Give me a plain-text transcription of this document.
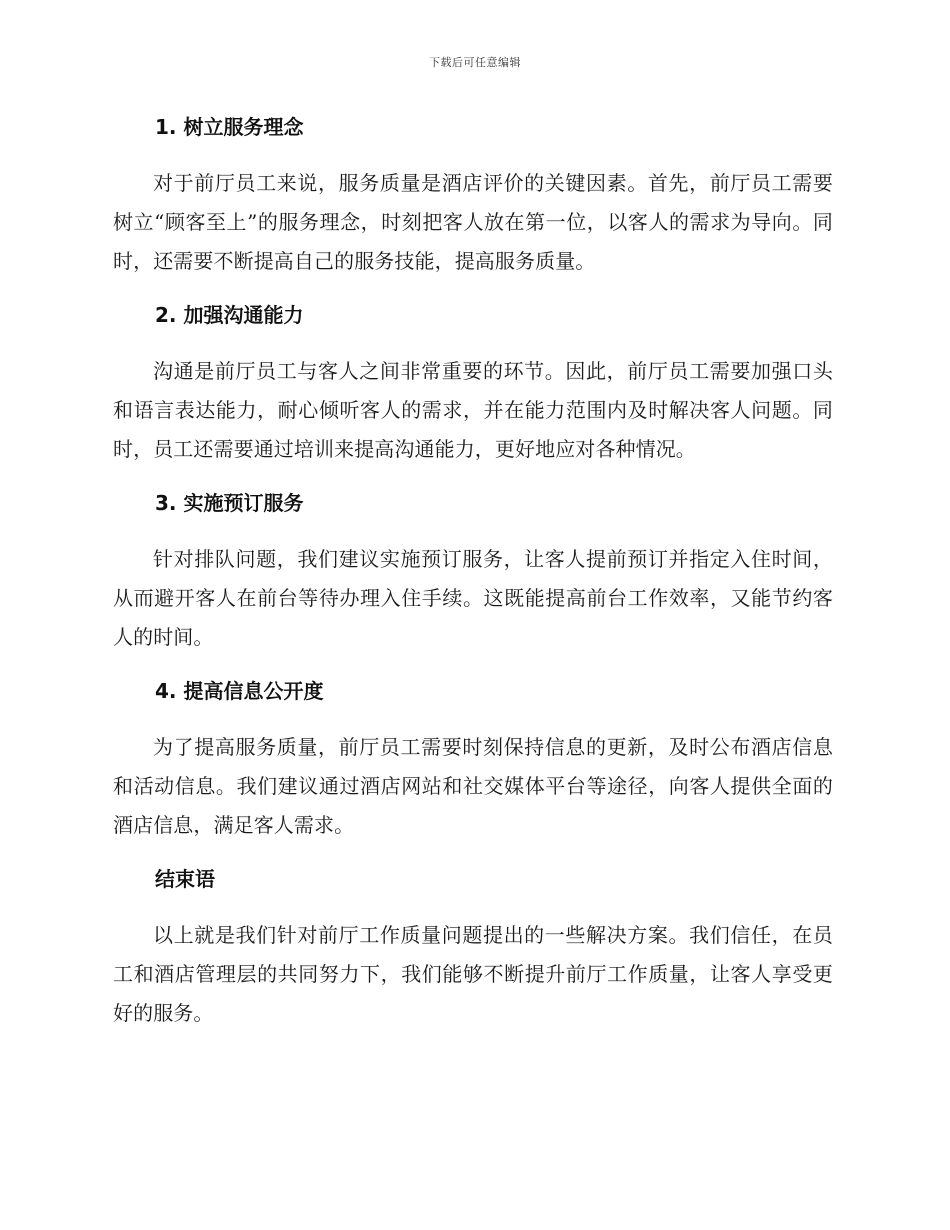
下载后可任意编辑
1. 树立服务理念

对于前厅员工来说，服务质量是酒店评价的关键因素。首先，前厅员工需要树立“顾客至上”的服务理念，时刻把客人放在第一位，以客人的需求为导向。同时，还需要不断提高自己的服务技能，提高服务质量。

2. 加强沟通能力

沟通是前厅员工与客人之间非常重要的环节。因此，前厅员工需要加强口头和语言表达能力，耐心倾听客人的需求，并在能力范围内及时解决客人问题。同时，员工还需要通过培训来提高沟通能力，更好地应对各种情况。

3. 实施预订服务

针对排队问题，我们建议实施预订服务，让客人提前预订并指定入住时间，从而避开客人在前台等待办理入住手续。这既能提高前台工作效率，又能节约客人的时间。

4. 提高信息公开度

为了提高服务质量，前厅员工需要时刻保持信息的更新，及时公布酒店信息和活动信息。我们建议通过酒店网站和社交媒体平台等途径，向客人提供全面的酒店信息，满足客人需求。

结束语

以上就是我们针对前厅工作质量问题提出的一些解决方案。我们信任，在员工和酒店管理层的共同努力下，我们能够不断提升前厅工作质量，让客人享受更好的服务。
